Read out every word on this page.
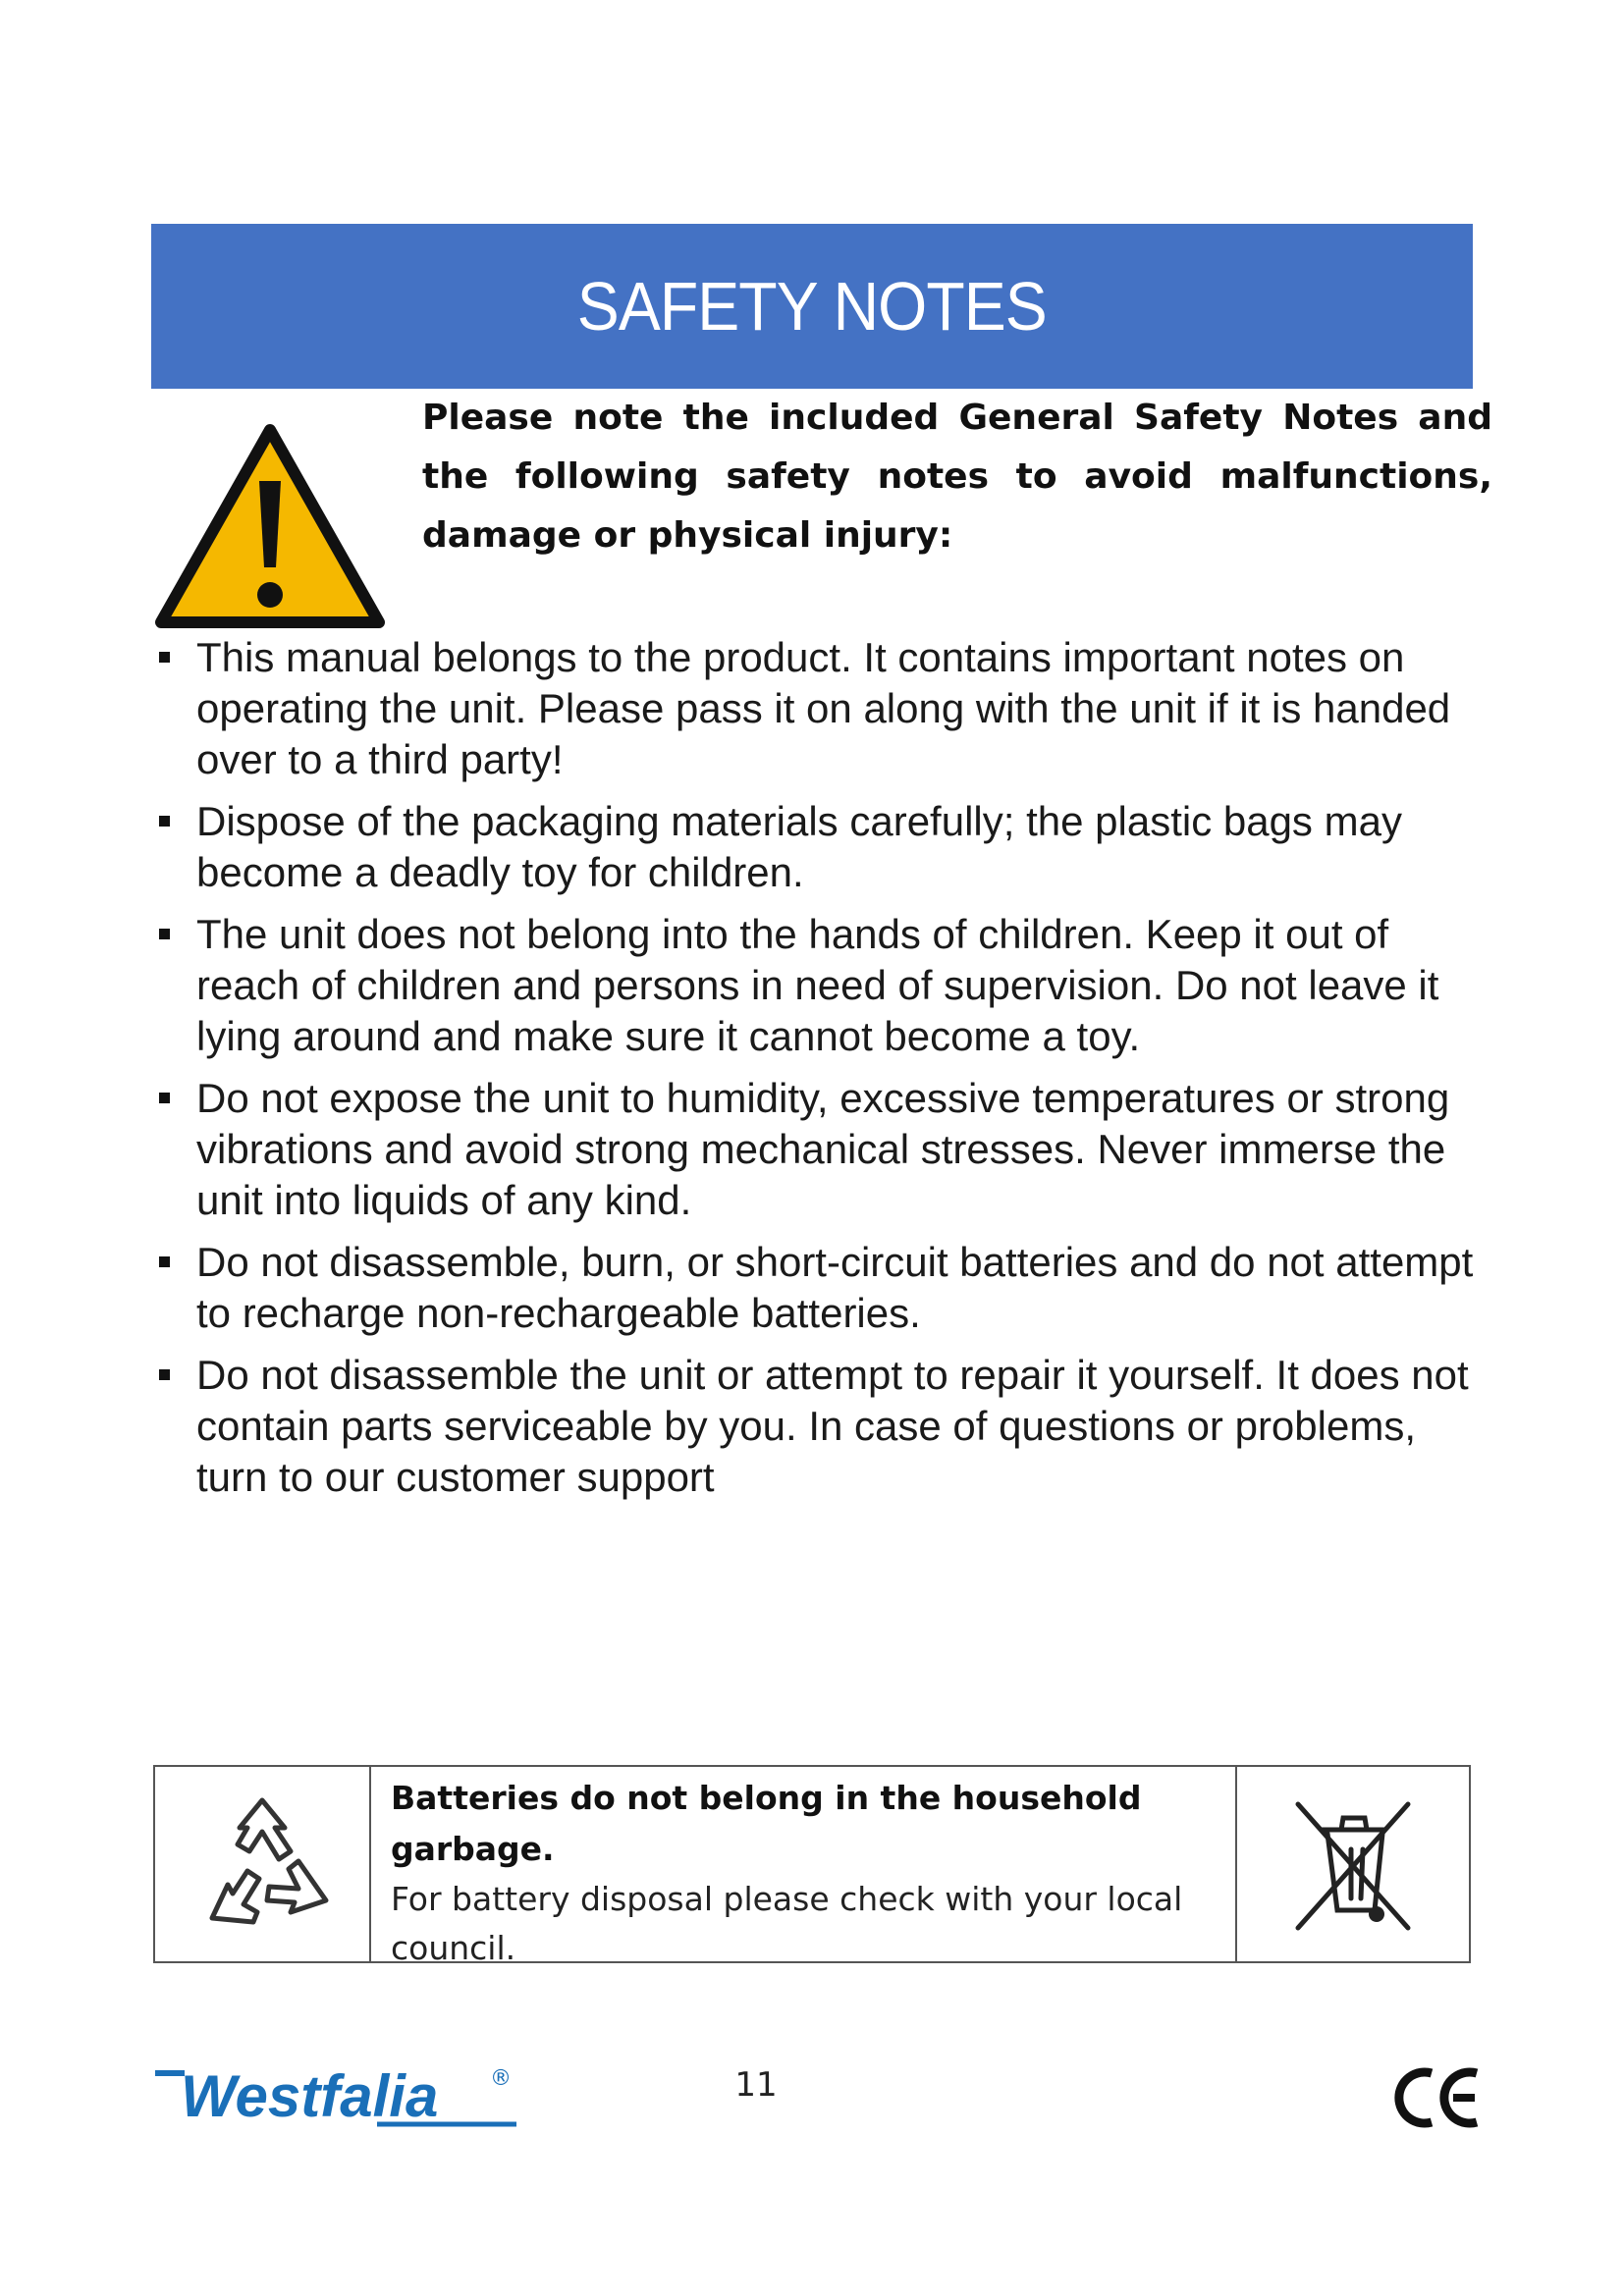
SAFETY NOTES
Please note the included General Safety Notes and the following safety notes to avoid malfunctions, damage or physical injury:
This manual belongs to the product. It contains important notes on operating the unit. Please pass it on along with the unit if it is handed over to a third party!
Dispose of the packaging materials carefully; the plastic bags may become a deadly toy for children.
The unit does not belong into the hands of children. Keep it out of reach of children and persons in need of supervision. Do not leave it lying around and make sure it cannot become a toy.
Do not expose the unit to humidity, excessive temperatures or strong vibrations and avoid strong mechanical stresses. Never immerse the unit into liquids of any kind.
Do not disassemble, burn, or short-circuit batteries and do not attempt to recharge non-rechargeable batteries.
Do not disassemble the unit or attempt to repair it yourself. It does not contain parts serviceable by you. In case of questions or problems, turn to our customer support
Batteries do not belong in the household garbage.
For battery disposal please check with your local council.
Westfalia ®	11
